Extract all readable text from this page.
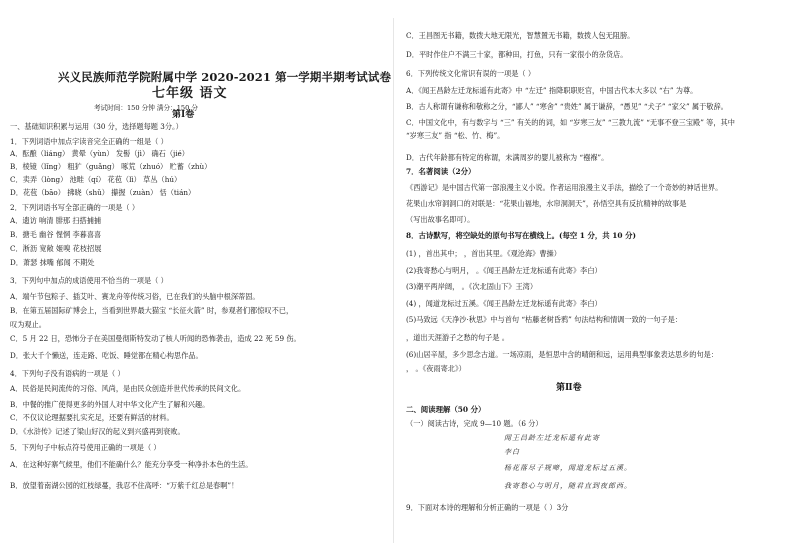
兴义民族师范学院附属中学 2020-2021 第一学期半期考试试卷
七年级 语文
考试时间：150 分钟 满分：150 分
第Ⅰ卷
一、基础知识积累与运用（30 分，选择题每题 3分。）
1．下列词语中加点字读音完全正确的一组是（ ）
A．酝酿（liáng） 黄晕（yùn） 发髻（jì） 确石（jié）
B．棱镜（lǐng） 粗犷（guǎng） 啄荒（zhuó） 贮蓄（zhù）
C．卖弄（lòng） 池畦（qí） 花苞（lì） 草丛（hú）
D．花苞（bāo） 拂晓（shǔ） 攥握（zuàn） 恬（tián）
2．下列词语书写全部正确的一项是（ ）
A．遗访 响清 腓那 扫搭捕捕
B．搪毛 幽谷 惺惘 李暮喜喜
C．淅沥 宽敞 姬嗅 花枝招展
D．萧瑟 抹嘴 郁闻 不期处
3．下列句中加点的成语使用不恰当的一项是（ ）
A．端午节包粽子、插艾叶、赛龙舟等传统习俗，已在我们的头脑中根深蒂固。
B．在第五届国际矿博会上，当看到世界最大猫宝 “长征火箭” 时，参观者们都惊叹不已，
叹为观止。
C．5 月 22 日，恐怖分子在美国曼彻斯特发动了核人听闻的恐怖袭击，造成 22 死 59 伤。
D．张大千个懒送，连走路、吃饭、睡觉都在精心构思作品。
4．下列句子没有语病的一项是（ ）
A．民俗是民间流传的习俗、风尚，是由民众创造并世代传承的民间文化。
B．中餐的推广使得更多的外国人对中华文化产生了解和兴趣。
C．不仅议论理据要扎实充足，还要有鲜活的材料。
D．《水浒传》记述了梁山好汉的起义到兴盛再到衰败。
5．下列句子中标点符号使用正确的一项是（ ）
A．在这种好寨气候里，他们不能确什么？能充分享受一种净扑本色的生活。
B．放望着南湖公园的红枝绿蔓，我忍不住高呼：“万紫千红总是春啊”！
C．王昌图无书籍，数拨大地无限光，智慧置无书籍，数拨人包无阻膀。
D．平时作住户不满三十家，都种田，打鱼，只有一家很小的杂货店。
6．下列传统文化常识有误的一项是（ ）
A．《闻王昌龄左迁龙标遥有此寄》中 “左迁” 指降职职贬官，中国古代本大多以 “右” 为尊。
B．古人称谓有谦称和敬称之分，“鄙人” “寒舍” “贵姓” 属于谦辞，“愚见” “犬子” “家父” 属于敬辞。
C．中国文化中，有与数字与 “三” 有关的的词，如 “岁寒三友” “三教九流” “无事不登三宝殿” 等，其中
“岁寒三友” 指 “松、竹、梅”。
D．古代年龄都有特定的称谓，未满周岁的婴儿被称为 “襁褓”。
7．名著阅读（2分）
《西游记》是中国古代第一部浪漫主义小说。作者运用浪漫主义手法，描绘了一个奇妙的神话世界。
花果山水帘洞洞口的对联是：“花果山福地，水帘洞洞天”，孙悟空具有反抗精神的故事是
（写出故事名即可）。
8．古诗默写，将空缺处的原句书写在横线上。(每空 1 分，共 10 分)
(1) ，首出其中； ，首出其里。《观沧海》曹操）
(2)我寄愁心与明月， 。《闻王昌龄左迁龙标遥有此寄》李白）
(3)潮平两岸阔， 。《次北固山下》王湾）
(4) ，闻道龙标过五溪。《闻王昌龄左迁龙标遥有此寄》李白）
(5)马致远《天净沙·秋思》中与首句 “枯藤老树昏鸦” 句法结构和情调一致的一句子是：
，道出天涯游子之愁的句子是 。
(6)山居辛屋，多少思念古道。一场凉雨，是恒思中含的晴朗和远，运用典型事象表达思乡的句是：
， 。《夜雨寄北》）
第Ⅱ卷
二、阅读理解（50 分）
（一）阅读古诗，完成 9—10 题。（6 分）
闻王昌龄左迁龙标遥有此寄
李白
杨花落尽子规啼，闻道龙标过五溪。
我寄愁心与明月，随君直到夜郎西。
9．下面对本诗的理解和分析正确的一项是（ ）3分
